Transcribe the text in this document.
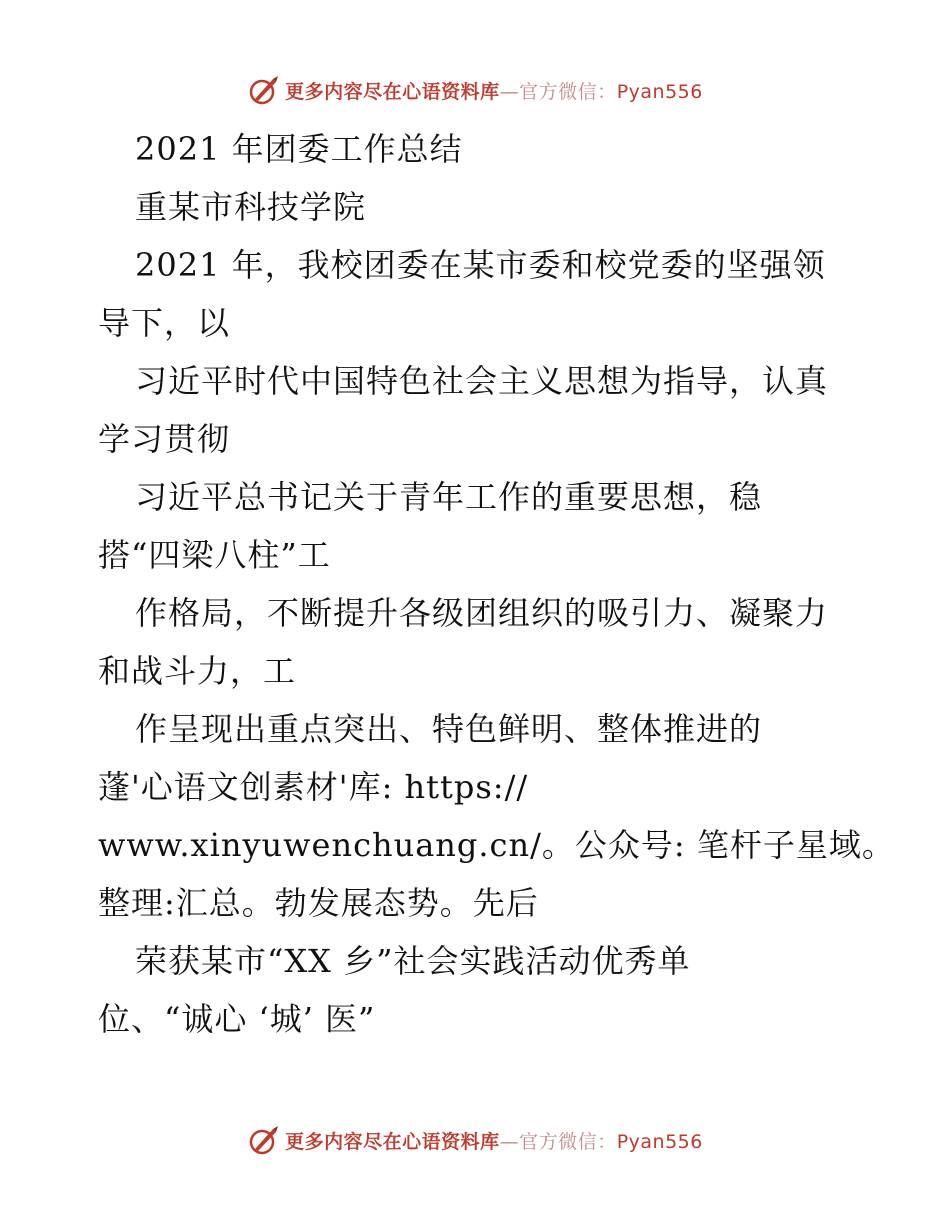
更多内容尽在心语资料库—官方微信：Pyan556
2021 年团委工作总结
重某市科技学院
2021 年，我校团委在某市委和校党委的坚强领
导下，以
习近平时代中国特色社会主义思想为指导，认真
学习贯彻
习近平总书记关于青年工作的重要思想，稳
搭“四梁八柱”工
作格局，不断提升各级团组织的吸引力、凝聚力
和战斗力，工
作呈现出重点突出、特色鲜明、整体推进的
蓬'心语文创素材'库: https://
www.xinyuwenchuang.cn/。公众号: 笔杆子星域。
整理:汇总。勃发展态势。先后
荣获某市“XX 乡”社会实践活动优秀单
位、“诚心 ‘城’ 医”
更多内容尽在心语资料库—官方微信：Pyan556
